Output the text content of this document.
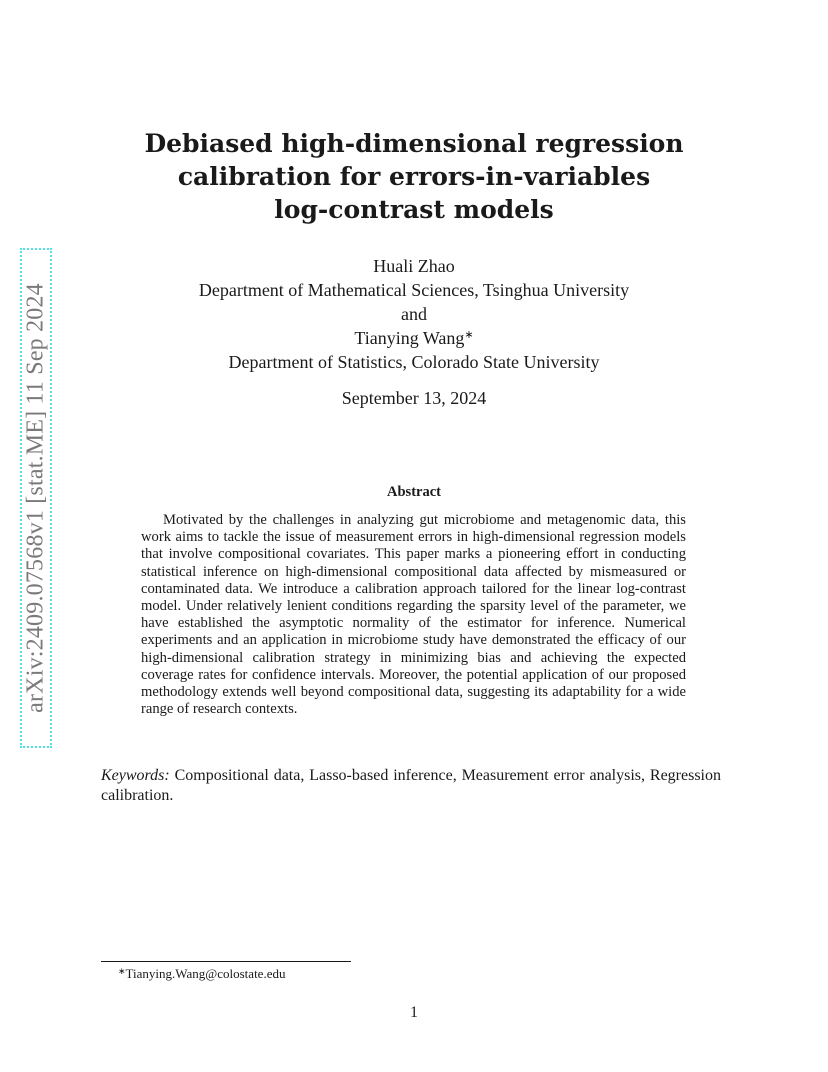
arXiv:2409.07568v1 [stat.ME] 11 Sep 2024
Debiased high-dimensional regression
calibration for errors-in-variables
log-contrast models
Huali Zhao
Department of Mathematical Sciences, Tsinghua University
and
Tianying Wang∗
Department of Statistics, Colorado State University
September 13, 2024
Abstract

Motivated by the challenges in analyzing gut microbiome and metagenomic data, this work aims to tackle the issue of measurement errors in high-dimensional regression models that involve compositional covariates. This paper marks a pioneering effort in conducting statistical inference on high-dimensional compositional data affected by mismeasured or contaminated data. We introduce a calibration approach tailored for the linear log-contrast model. Under relatively lenient conditions regarding the sparsity level of the parameter, we have established the asymptotic normality of the estimator for inference. Numerical experiments and an application in microbiome study have demonstrated the efficacy of our high-dimensional calibration strategy in minimizing bias and achieving the expected coverage rates for confidence intervals. Moreover, the potential application of our proposed methodology extends well beyond compositional data, suggesting its adaptability for a wide range of research contexts.

Keywords: Compositional data, Lasso-based inference, Measurement error analysis, Regression calibration.
∗Tianying.Wang@colostate.edu
1
